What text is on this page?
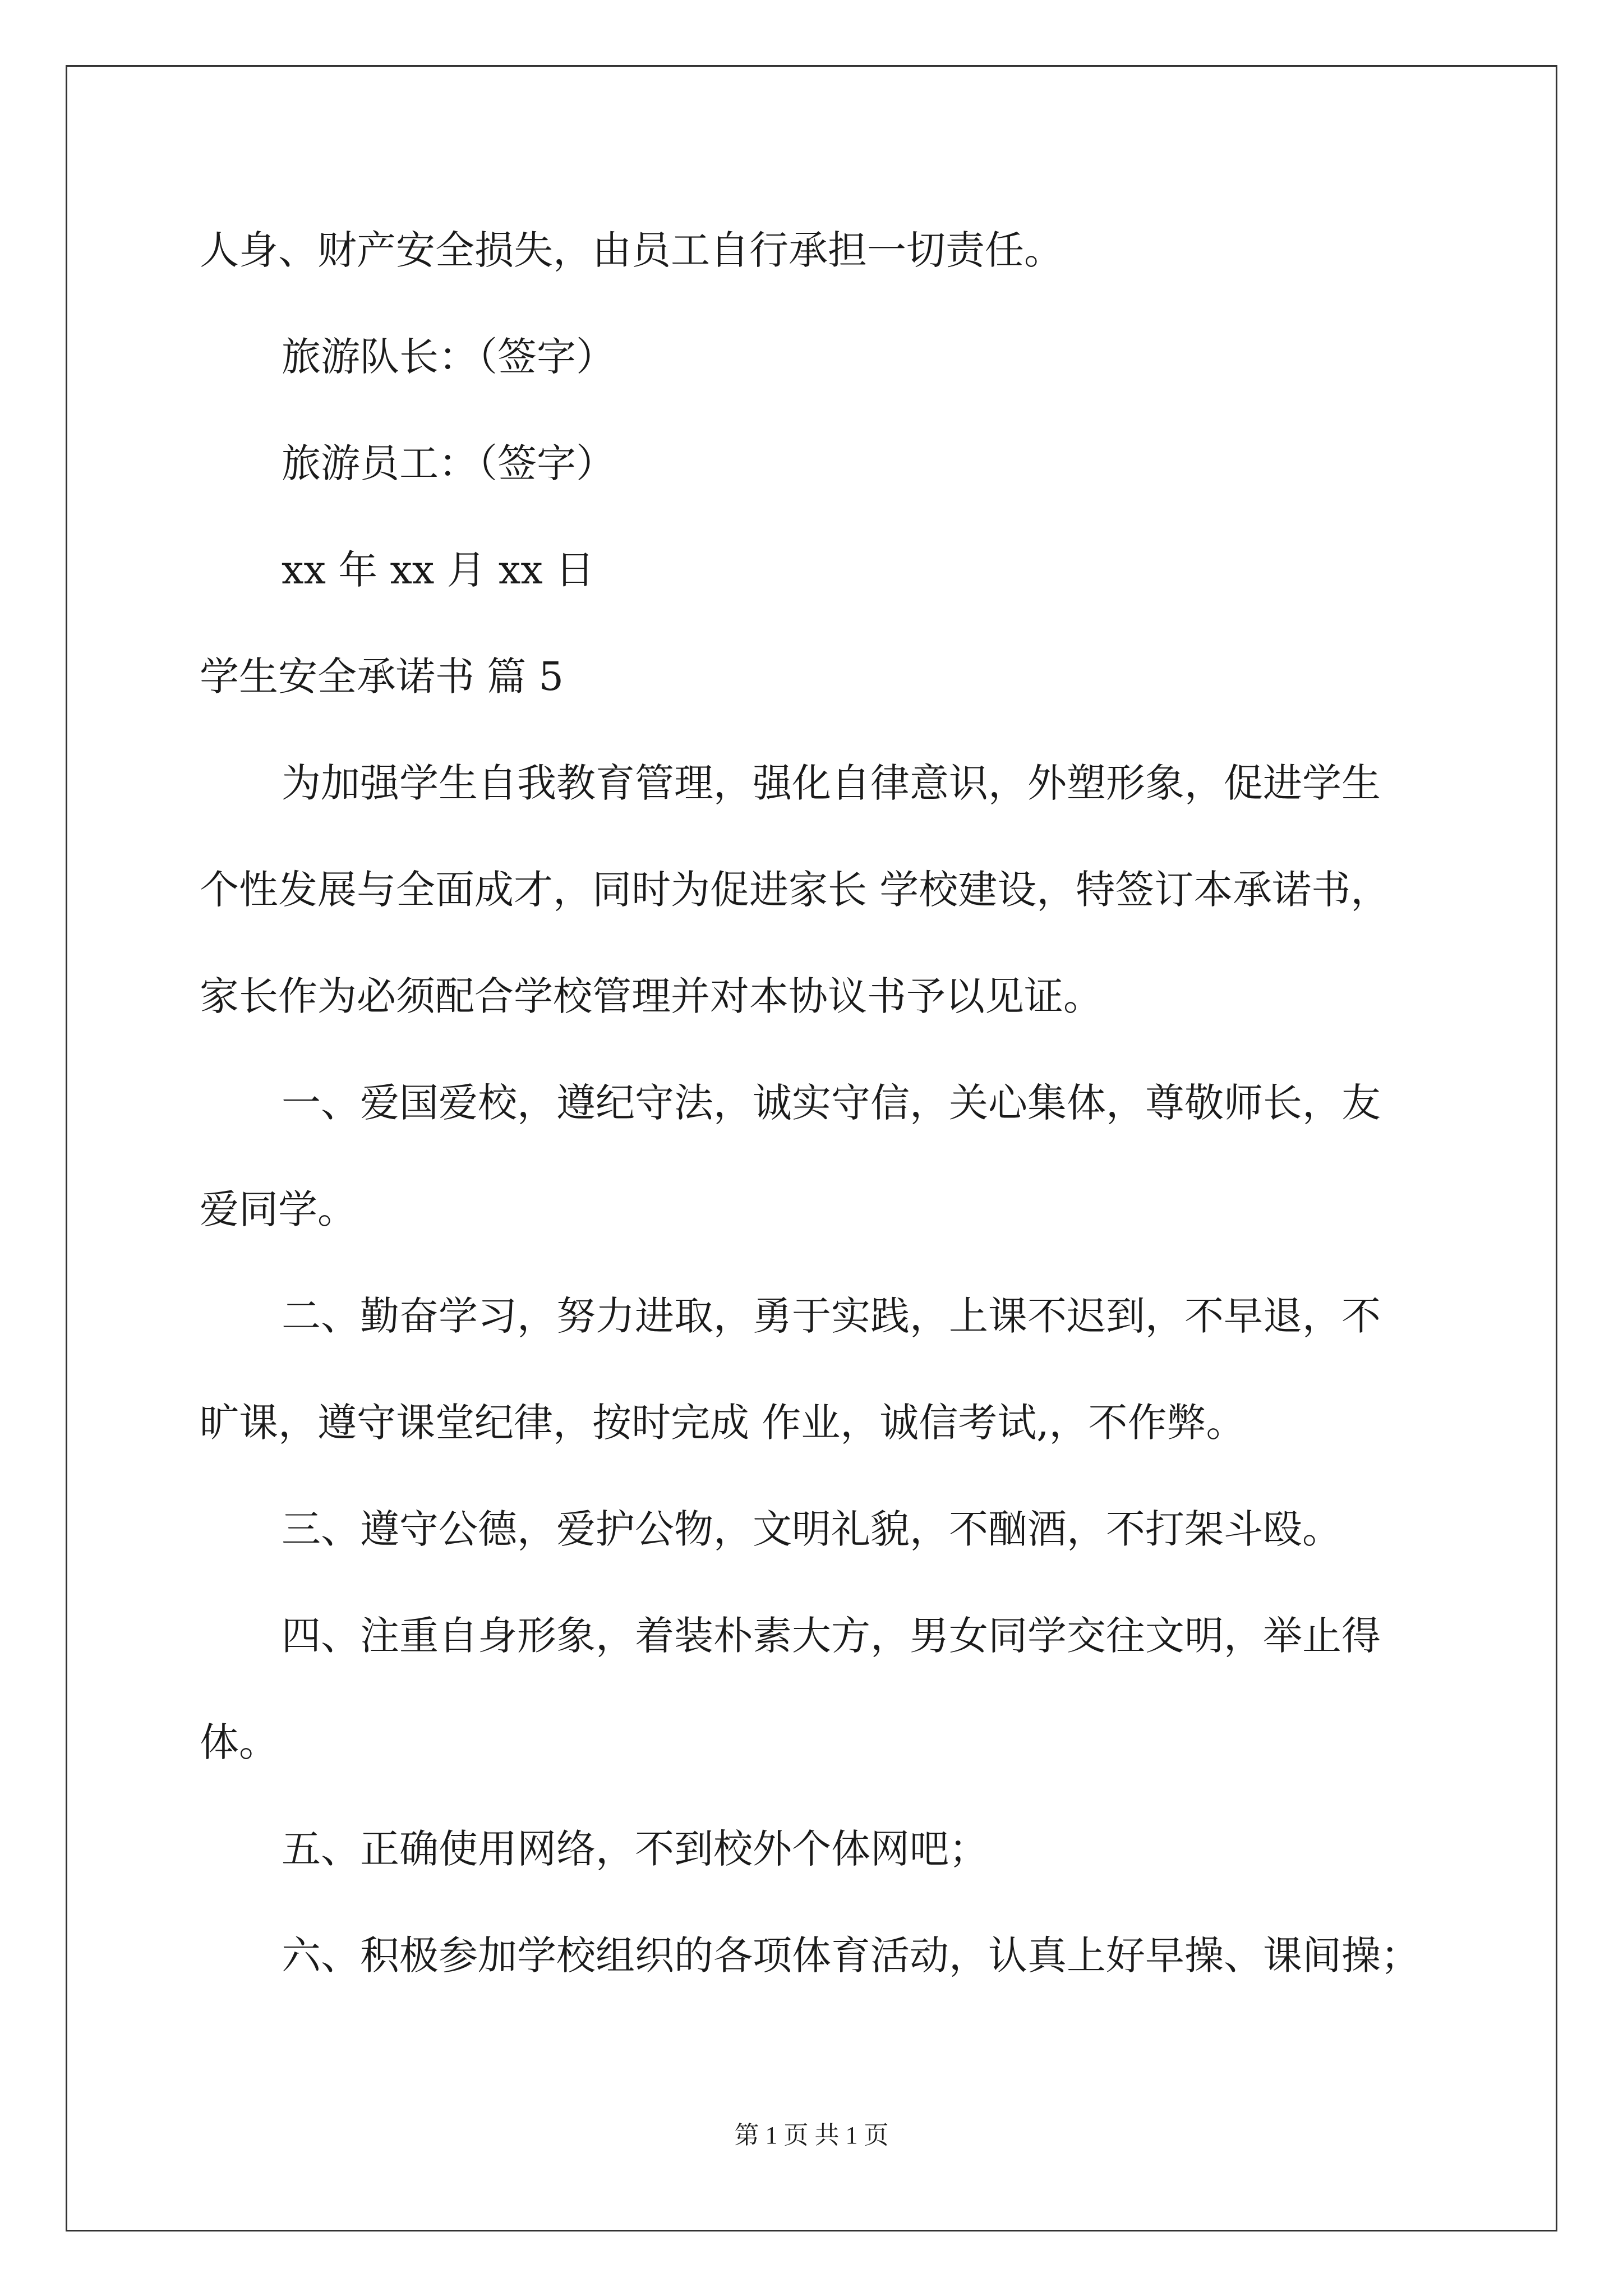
人身、财产安全损失，由员工自行承担一切责任。
旅游队长：（签字）
旅游员工：（签字）
xx 年 xx 月 xx 日
学生安全承诺书 篇 5
为加强学生自我教育管理，强化自律意识，外塑形象，促进学生
个性发展与全面成才，同时为促进家长 学校建设，特签订本承诺书，
家长作为必须配合学校管理并对本协议书予以见证。
一、爱国爱校，遵纪守法，诚实守信，关心集体，尊敬师长，友
爱同学。
二、勤奋学习，努力进取，勇于实践，上课不迟到，不早退，不
旷课，遵守课堂纪律，按时完成 作业，诚信考试,，不作弊。
三、遵守公德，爱护公物，文明礼貌，不酗酒，不打架斗殴。
四、注重自身形象，着装朴素大方，男女同学交往文明，举止得
体。
五、正确使用网络，不到校外个体网吧；
六、积极参加学校组织的各项体育活动，认真上好早操、课间操；
第 1 页 共 1 页
